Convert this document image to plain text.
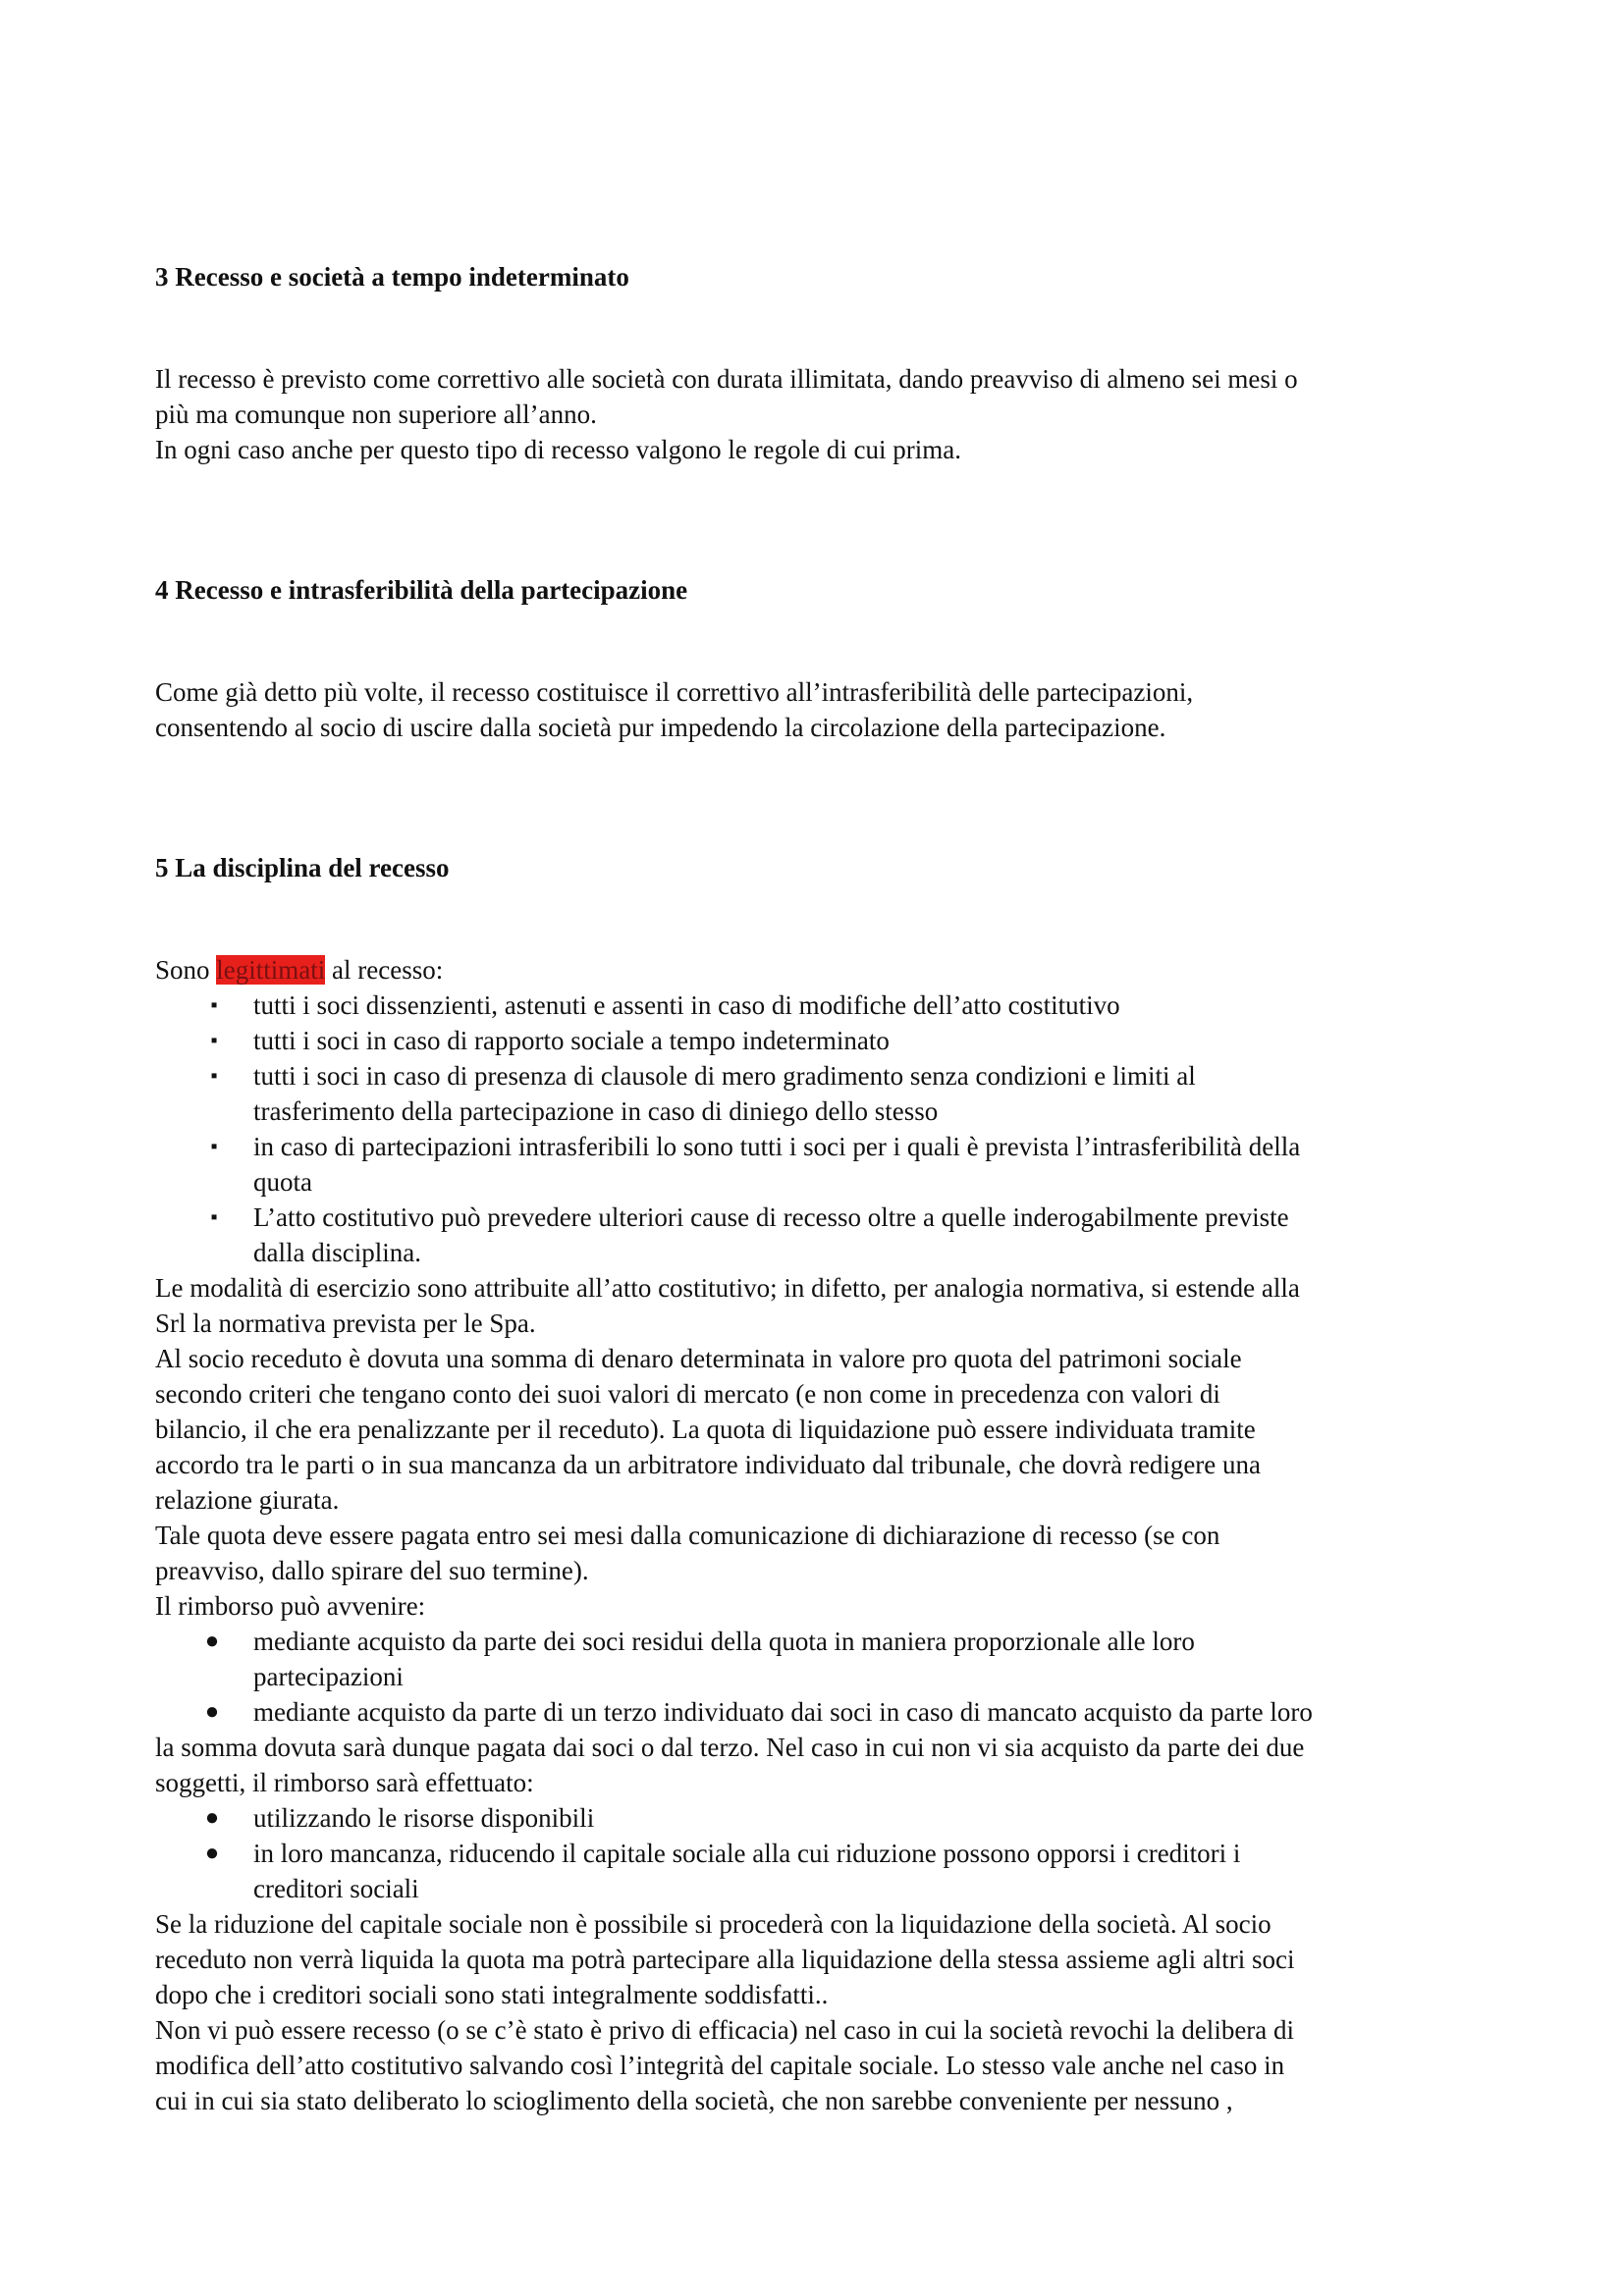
3 Recesso e società a tempo indeterminato
Il recesso è previsto come correttivo alle società con durata illimitata, dando preavviso di almeno sei mesi o
più ma comunque non superiore all’anno.
In ogni caso anche per questo tipo di recesso valgono le regole di cui prima.
4 Recesso e intrasferibilità della partecipazione
Come già detto più volte, il recesso costituisce il correttivo all’intrasferibilità delle partecipazioni,
consentendo al socio di uscire dalla società pur impedendo la circolazione della partecipazione.
5 La disciplina del recesso
Sono legittimati al recesso:
▪ tutti i soci dissenzienti, astenuti e assenti in caso di modifiche dell’atto costitutivo
▪ tutti i soci in caso di rapporto sociale a tempo indeterminato
▪ tutti i soci in caso di presenza di clausole di mero gradimento senza condizioni e limiti al
trasferimento della partecipazione in caso di diniego dello stesso
▪ in caso di partecipazioni intrasferibili lo sono tutti i soci per i quali è prevista l’intrasferibilità della
quota
▪ L’atto costitutivo può prevedere ulteriori cause di recesso oltre a quelle inderogabilmente previste
dalla disciplina.
Le modalità di esercizio sono attribuite all’atto costitutivo; in difetto, per analogia normativa, si estende alla
Srl la normativa prevista per le Spa.
Al socio receduto è dovuta una somma di denaro determinata in valore pro quota del patrimoni sociale
secondo criteri che tengano conto dei suoi valori di mercato (e non come in precedenza con valori di
bilancio, il che era penalizzante per il receduto). La quota di liquidazione può essere individuata tramite
accordo tra le parti o in sua mancanza da un arbitratore individuato dal tribunale, che dovrà redigere una
relazione giurata.
Tale quota deve essere pagata entro sei mesi dalla comunicazione di dichiarazione di recesso (se con
preavviso, dallo spirare del suo termine).
Il rimborso può avvenire:
● mediante acquisto da parte dei soci residui della quota in maniera proporzionale alle loro
partecipazioni
● mediante acquisto da parte di un terzo individuato dai soci in caso di mancato acquisto da parte loro
la somma dovuta sarà dunque pagata dai soci o dal terzo. Nel caso in cui non vi sia acquisto da parte dei due
soggetti, il rimborso sarà effettuato:
● utilizzando le risorse disponibili
● in loro mancanza, riducendo il capitale sociale alla cui riduzione possono opporsi i creditori i
creditori sociali
Se la riduzione del capitale sociale non è possibile si procederà con la liquidazione della società. Al socio
receduto non verrà liquida la quota ma potrà partecipare alla liquidazione della stessa assieme agli altri soci
dopo che i creditori sociali sono stati integralmente soddisfatti..
Non vi può essere recesso (o se c’è stato è privo di efficacia) nel caso in cui la società revochi la delibera di
modifica dell’atto costitutivo salvando così l’integrità del capitale sociale. Lo stesso vale anche nel caso in
cui in cui sia stato deliberato lo scioglimento della società, che non sarebbe conveniente per nessuno ,
